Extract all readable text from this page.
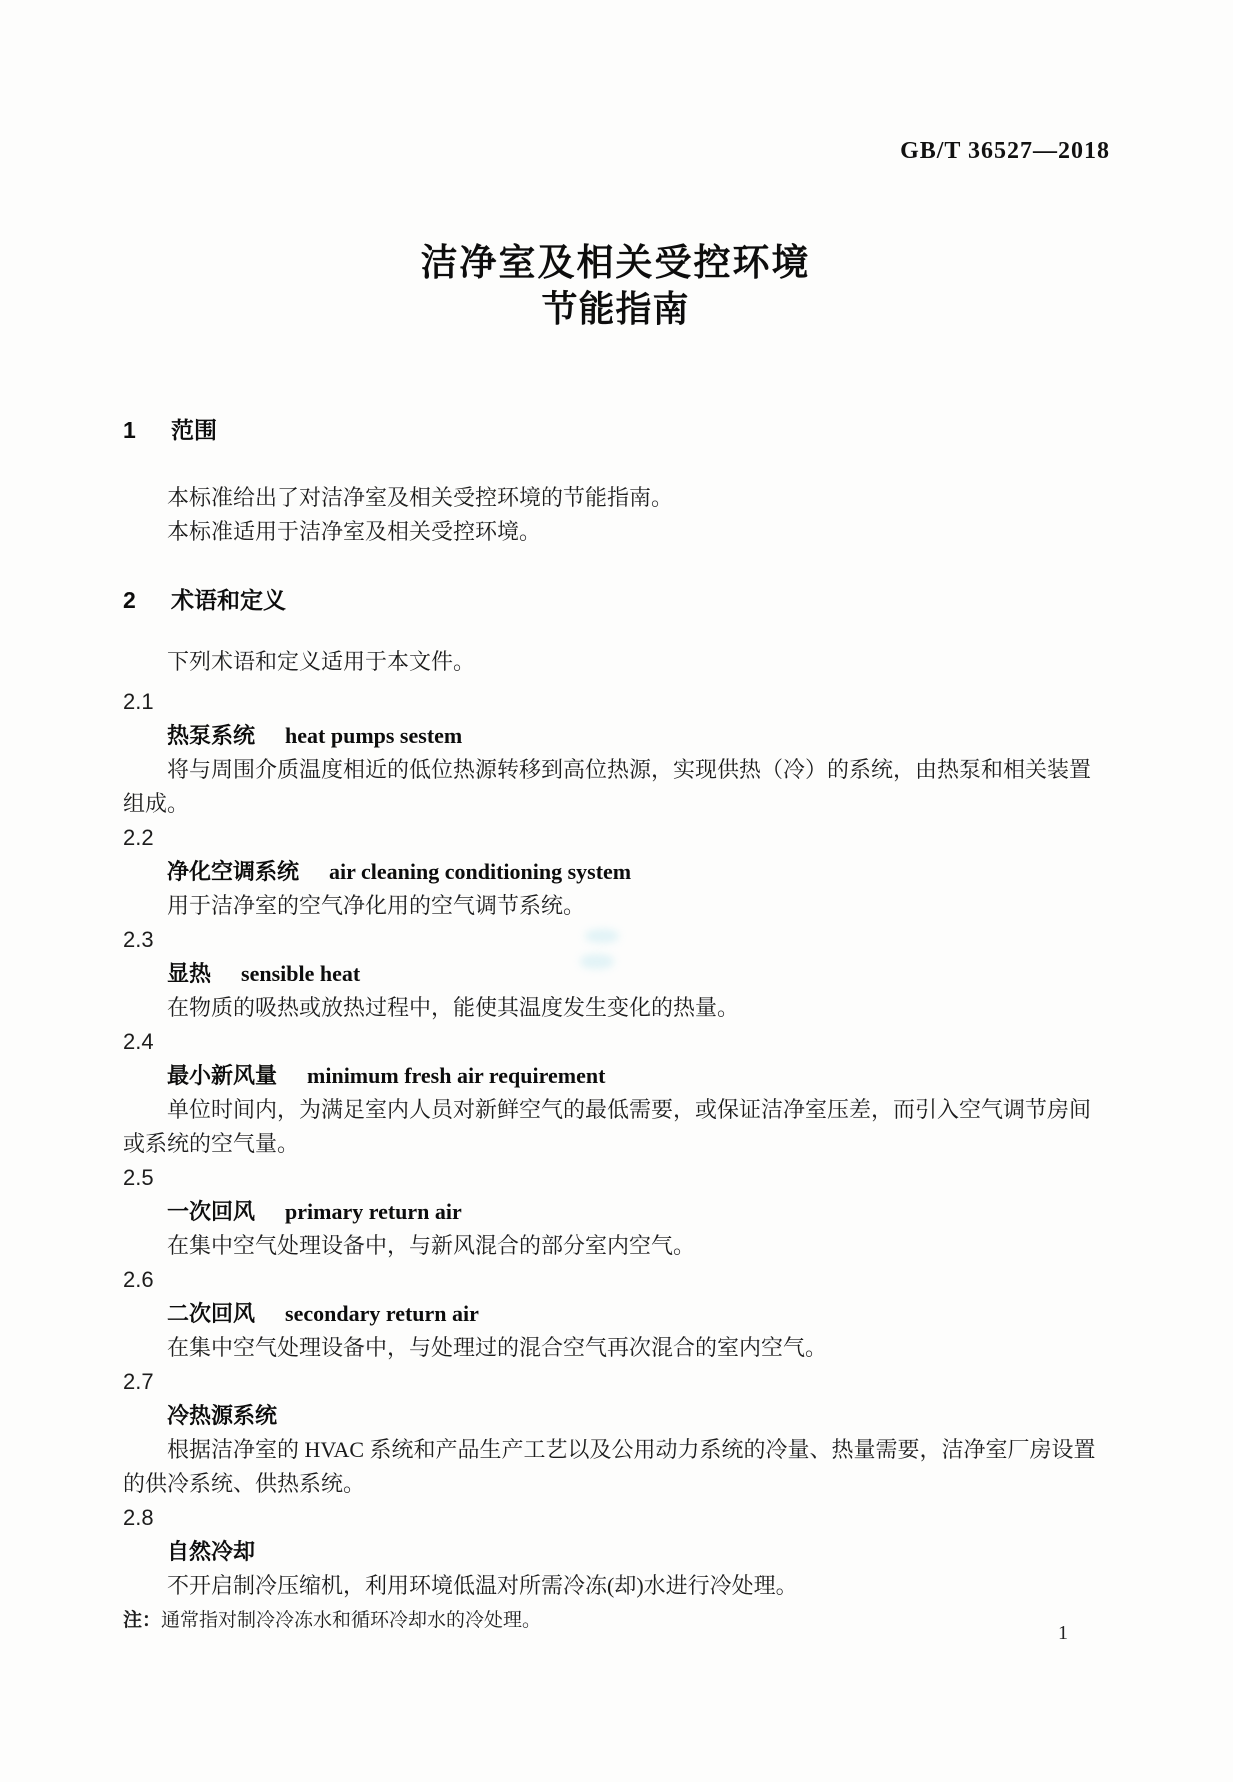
GB/T 36527—2018
洁净室及相关受控环境
节能指南
1 范围

本标准给出了对洁净室及相关受控环境的节能指南。

本标准适用于洁净室及相关受控环境。

2 术语和定义

下列术语和定义适用于本文件。

2.1
热泵系统 heat pumps sestem

将与周围介质温度相近的低位热源转移到高位热源，实现供热（冷）的系统，由热泵和相关装置组成。

2.2
净化空调系统 air cleaning conditioning system

用于洁净室的空气净化用的空气调节系统。

2.3
显热 sensible heat

在物质的吸热或放热过程中，能使其温度发生变化的热量。

2.4
最小新风量 minimum fresh air requirement

单位时间内，为满足室内人员对新鲜空气的最低需要，或保证洁净室压差，而引入空气调节房间或系统的空气量。

2.5
一次回风 primary return air

在集中空气处理设备中，与新风混合的部分室内空气。

2.6
二次回风 secondary return air

在集中空气处理设备中，与处理过的混合空气再次混合的室内空气。

2.7
冷热源系统

根据洁净室的 HVAC 系统和产品生产工艺以及公用动力系统的冷量、热量需要，洁净室厂房设置的供冷系统、供热系统。

2.8
自然冷却

不开启制冷压缩机，利用环境低温对所需冷冻(却)水进行冷处理。

注：通常指对制冷冷冻水和循环冷却水的冷处理。

1
